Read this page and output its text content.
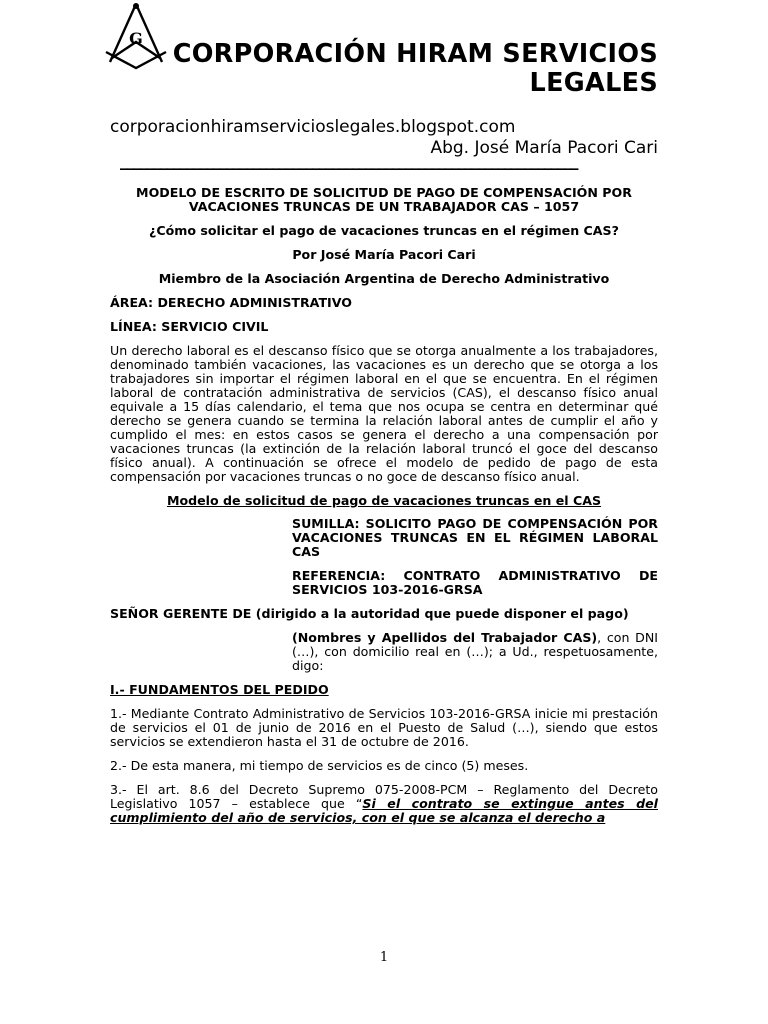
G
CORPORACIÓN HIRAM SERVICIOS LEGALES
corporacionhiramservicioslegales.blogspot.com
Abg. José María Pacori Cari
–––––––––––––––––––––––––––––––––––––––––––––––––––––––––––––––––––––

MODELO DE ESCRITO DE SOLICITUD DE PAGO DE COMPENSACIÓN POR VACACIONES TRUNCAS DE UN TRABAJADOR CAS – 1057

¿Cómo solicitar el pago de vacaciones truncas en el régimen CAS?

Por José María Pacori Cari

Miembro de la Asociación Argentina de Derecho Administrativo

ÁREA: DERECHO ADMINISTRATIVO

LÍNEA: SERVICIO CIVIL

Un derecho laboral es el descanso físico que se otorga anualmente a los trabajadores, denominado también vacaciones, las vacaciones es un derecho que se otorga a los trabajadores sin importar el régimen laboral en el que se encuentra. En el régimen laboral de contratación administrativa de servicios (CAS), el descanso físico anual equivale a 15 días calendario, el tema que nos ocupa se centra en determinar qué derecho se genera cuando se termina la relación laboral antes de cumplir el año y cumplido el mes: en estos casos se genera el derecho a una compensación por vacaciones truncas (la extinción de la relación laboral truncó el goce del descanso físico anual). A continuación se ofrece el modelo de pedido de pago de esta compensación por vacaciones truncas o no goce de descanso físico anual.

Modelo de solicitud de pago de vacaciones truncas en el CAS

SUMILLA: SOLICITO PAGO DE COMPENSACIÓN POR VACACIONES TRUNCAS EN EL RÉGIMEN LABORAL CAS

REFERENCIA: CONTRATO ADMINISTRATIVO DE SERVICIOS 103-2016-GRSA

SEÑOR GERENTE DE (dirigido a la autoridad que puede disponer el pago)

(Nombres y Apellidos del Trabajador CAS), con DNI (…), con domicilio real en (…); a Ud., respetuosamente, digo:

I.- FUNDAMENTOS DEL PEDIDO

1.- Mediante Contrato Administrativo de Servicios 103-2016-GRSA inicie mi prestación de servicios el 01 de junio de 2016 en el Puesto de Salud (…), siendo que estos servicios se extendieron hasta el 31 de octubre de 2016.

2.- De esta manera, mi tiempo de servicios es de cinco (5) meses.

3.- El art. 8.6 del Decreto Supremo 075-2008-PCM – Reglamento del Decreto Legislativo 1057 – establece que “Si el contrato se extingue antes del cumplimiento del año de servicios, con el que se alcanza el derecho a

1
